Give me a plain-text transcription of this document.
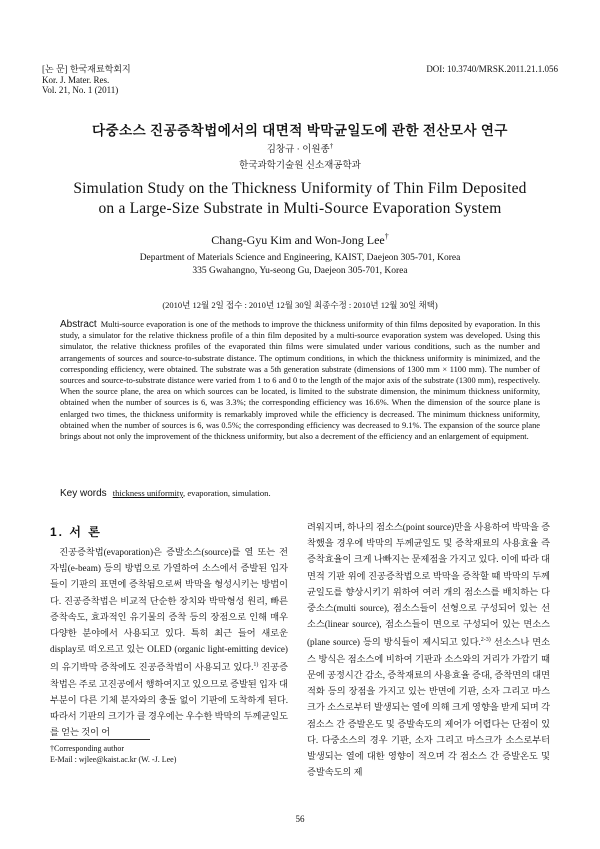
[논 문] 한국재료학회지
Kor. J. Mater. Res.
Vol. 21, No. 1 (2011)
DOI: 10.3740/MRSK.2011.21.1.056
다중소스 진공증착법에서의 대면적 박막균일도에 관한 전산모사 연구
김창규 · 이원종†
한국과학기술원 신소재공학과
Simulation Study on the Thickness Uniformity of Thin Film Deposited
on a Large-Size Substrate in Multi-Source Evaporation System
Chang-Gyu Kim and Won-Jong Lee†
Department of Materials Science and Engineering, KAIST, Daejeon 305-701, Korea
335 Gwahangno, Yu-seong Gu, Daejeon 305-701, Korea
(2010년 12월 2일 접수 : 2010년 12월 30일 최종수정 : 2010년 12월 30일 채택)
Abstract Multi-source evaporation is one of the methods to improve the thickness uniformity of thin films deposited by evaporation. In this study, a simulator for the relative thickness profile of a thin film deposited by a multi-source evaporation system was developed. Using this simulator, the relative thickness profiles of the evaporated thin films were simulated under various conditions, such as the number and arrangements of sources and source-to-substrate distance. The optimum conditions, in which the thickness uniformity is minimized, and the corresponding efficiency, were obtained. The substrate was a 5th generation substrate (dimensions of 1300 mm × 1100 mm). The number of sources and source-to-substrate distance were varied from 1 to 6 and 0 to the length of the major axis of the substrate (1300 mm), respectively. When the source plane, the area on which sources can be located, is limited to the substrate dimension, the minimum thickness uniformity, obtained when the number of sources is 6, was 3.3%; the corresponding efficiency was 16.6%. When the dimension of the source plane is enlarged two times, the thickness uniformity is remarkably improved while the efficiency is decreased. The minimum thickness uniformity, obtained when the number of sources is 6, was 0.5%; the corresponding efficiency was decreased to 9.1%. The expansion of the source plane brings about not only the improvement of the thickness uniformity, but also a decrement of the efficiency and an enlargement of equipment.
Key words thickness uniformity, evaporation, simulation.
1. 서 론

진공증착법(evaporation)은 증발소스(source)를 열 또는 전자빔(e-beam) 등의 방법으로 가열하여 소스에서 증발된 입자들이 기판의 표면에 증착됨으로써 박막을 형성시키는 방법이다. 진공증착법은 비교적 단순한 장치와 박막형성 원리, 빠른 증착속도, 효과적인 유기물의 증착 등의 장점으로 인해 매우 다양한 분야에서 사용되고 있다. 특히 최근 들어 새로운 display로 떠오르고 있는 OLED (organic light-emitting device)의 유기박막 증착에도 진공증착법이 사용되고 있다.$^{1)}$ 진공증착법은 주로 고진공에서 행하여지고 있으므로 증발된 입자 대부분이 다른 기체 분자와의 충돌 없이 기판에 도착하게 된다. 따라서 기판의 크기가 클 경우에는 우수한 박막의 두께균일도를 얻는 것이 어

려워지며, 하나의 점소스(point source)만을 사용하여 박막을 증착했을 경우에 박막의 두께균일도 및 증착재료의 사용효율 즉 증착효율이 크게 나빠지는 문제점을 가지고 있다. 이에 따라 대면적 기판 위에 진공증착법으로 박막을 증착할 때 박막의 두께균일도를 향상시키기 위하여 여러 개의 점소스를 배치하는 다중소스(multi source), 점소스들이 선형으로 구성되어 있는 선소스(linear source), 점소스들이 면으로 구성되어 있는 면소스(plane source) 등의 방식들이 제시되고 있다.$^{2-3)}$ 선소스나 면소스 방식은 점소스에 비하여 기판과 소스와의 거리가 가깝기 때문에 공정시간 감소, 증착재료의 사용효율 증대, 증착면의 대면적화 등의 장점을 가지고 있는 반면에 기판, 소자 그리고 마스크가 소스로부터 발생되는 열에 의해 크게 영향을 받게 되며 각 점소스 간 증발온도 및 증발속도의 제어가 어렵다는 단점이 있다. 다중소스의 경우 기판, 소자 그리고 마스크가 소스로부터 발생되는 열에 대한 영향이 적으며 각 점소스 간 증발온도 및 증발속도의 제

†Corresponding author
E-Mail : wjlee@kaist.ac.kr (W. -J. Lee)
56
